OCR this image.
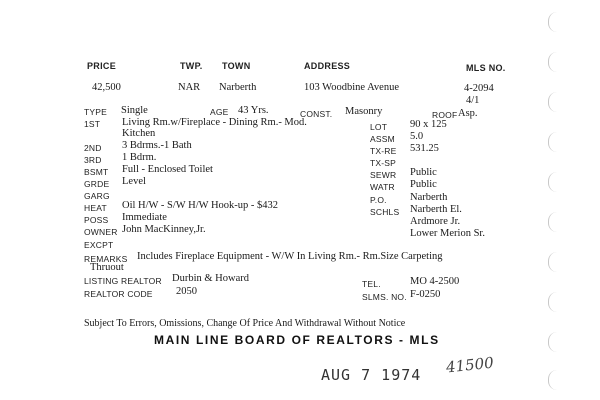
PRICE	TWP. TOWN	ADDRESS	MLS NO.
42,500	NAR Narberth	103 Woodbine Avenue	4-2094
4/1
TYPE Single	AGE 43 Yrs.	CONST. Masonry	ROOF Asp.
1ST Living Rm.w/Fireplace - Dining Rm.- Mod.
Kitchen
2ND 3 Bdrms.-1 Bath
3RD 1 Bdrm.
BSMT Full - Enclosed Toilet
GRDE Level
GARG
HEAT Oil H/W - S/W H/W Hook-up - $432
POSS Immediate
OWNER John MacKinney,Jr.
EXCPT
LOT 90 x 125
ASSM 5.0
TX-RE 531.25
TX-SP
SEWR Public
WATR Public
P.O. Narberth
SCHLS Narberth El.
Ardmore Jr.
Lower Merion Sr.
REMARKS Includes Fireplace Equipment - W/W In Living Rm.- Rm.Size Carpeting
Thruout
LISTING REALTOR Durbin & Howard
REALTOR CODE 2050
TEL.	MO 4-2500
SLMS. NO. F-0250
Subject To Errors, Omissions, Change Of Price And Withdrawal Without Notice
MAIN LINE BOARD OF REALTORS - MLS
AUG 7 1974 41500
